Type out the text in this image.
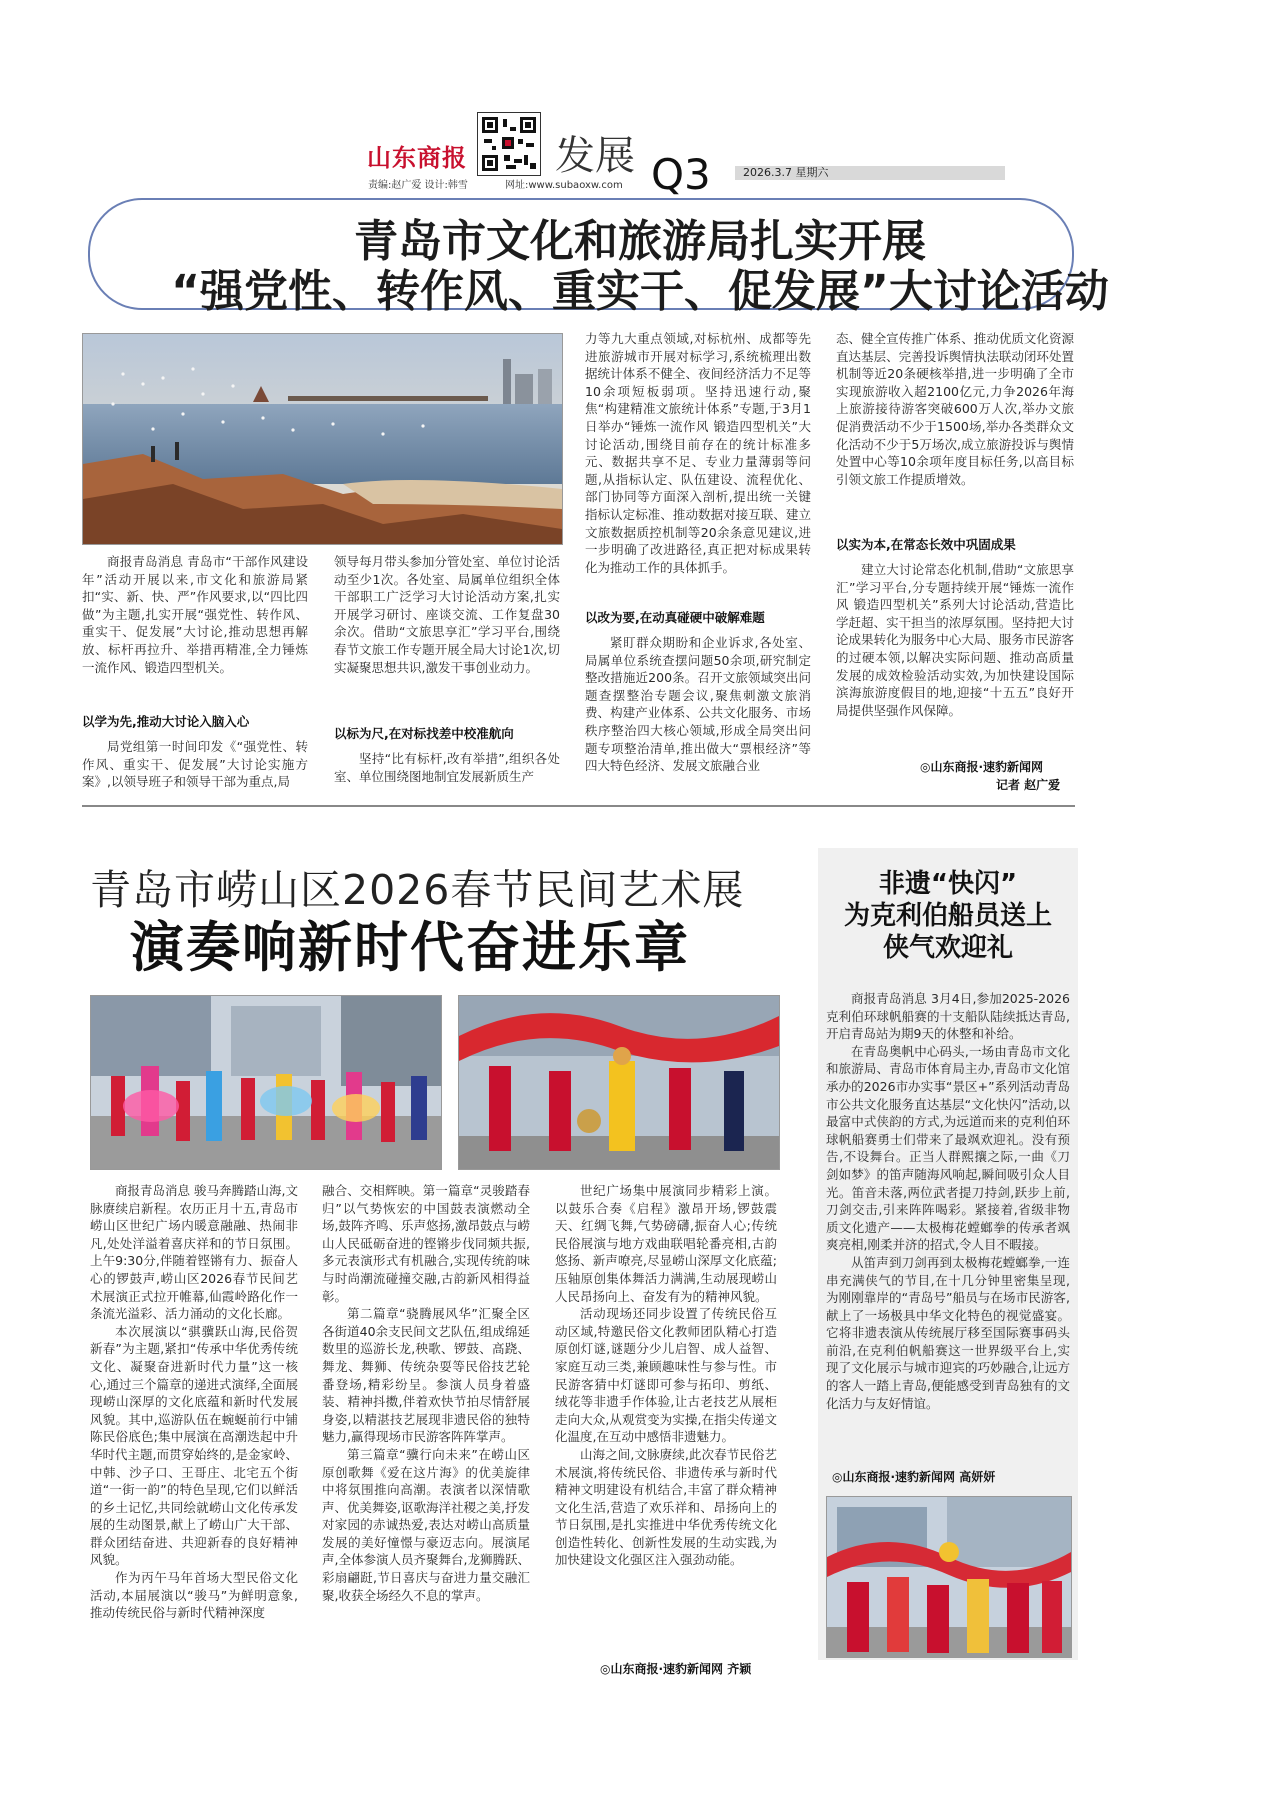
山东商报 发展 Q3	2026.3.7 星期六
责编:赵广爱 设计:韩雪	网址:www.subaoxw.com
青岛市文化和旅游局扎实开展
“强党性、转作风、重实干、促发展”大讨论活动

商报青岛消息 青岛市“干部作风建设年”活动开展以来,市文化和旅游局紧扣“实、新、快、严”作风要求,以“四比四做”为主题,扎实开展“强党性、转作风、重实干、促发展”大讨论,推动思想再解放、标杆再拉升、举措再精准,全力锤炼一流作风、锻造四型机关。

以学为先,推动大讨论入脑入心

局党组第一时间印发《“强党性、转作风、重实干、促发展”大讨论实施方案》,以领导班子和领导干部为重点,局

领导每月带头参加分管处室、单位讨论活动至少1次。各处室、局属单位组织全体干部职工广泛学习大讨论活动方案,扎实开展学习研讨、座谈交流、工作复盘30余次。借助“文旅思享汇”学习平台,围绕春节文旅工作专题开展全局大讨论1次,切实凝聚思想共识,激发干事创业动力。

以标为尺,在对标找差中校准航向

坚持“比有标杆,改有举措”,组织各处室、单位围绕图地制宜发展新质生产

力等九大重点领域,对标杭州、成都等先进旅游城市开展对标学习,系统梳理出数据统计体系不健全、夜间经济活力不足等10余项短板弱项。坚持迅速行动,聚焦“构建精准文旅统计体系”专题,于3月1日举办“锤炼一流作风 锻造四型机关”大讨论活动,围绕目前存在的统计标准多元、数据共享不足、专业力量薄弱等问题,从指标认定、队伍建设、流程优化、部门协同等方面深入剖析,提出统一关键指标认定标准、推动数据对接互联、建立文旅数据质控机制等20余条意见建议,进一步明确了改进路径,真正把对标成果转化为推动工作的具体抓手。

以改为要,在动真碰硬中破解难题

紧盯群众期盼和企业诉求,各处室、局属单位系统查摆问题50余项,研究制定整改措施近200条。召开文旅领域突出问题查摆整治专题会议,聚焦刺激文旅消费、构建产业体系、公共文化服务、市场秩序整治四大核心领域,形成全局突出问题专项整治清单,推出做大“票根经济”等四大特色经济、发展文旅融合业

态、健全宣传推广体系、推动优质文化资源直达基层、完善投诉舆情执法联动闭环处置机制等近20条硬核举措,进一步明确了全市实现旅游收入超2100亿元,力争2026年海上旅游接待游客突破600万人次,举办文旅促消费活动不少于1500场,举办各类群众文化活动不少于5万场次,成立旅游投诉与舆情处置中心等10余项年度目标任务,以高目标引领文旅工作提质增效。

以实为本,在常态长效中巩固成果

建立大讨论常态化机制,借助“文旅思享汇”学习平台,分专题持续开展“锤炼一流作风 锻造四型机关”系列大讨论活动,营造比学赶超、实干担当的浓厚氛围。坚持把大讨论成果转化为服务中心大局、服务市民游客的过硬本领,以解决实际问题、推动高质量发展的成效检验活动实效,为加快建设国际滨海旅游度假目的地,迎接“十五五”良好开局提供坚强作风保障。

◎山东商报·速豹新闻网
记者 赵广爱
青岛市崂山区2026春节民间艺术展
演奏响新时代奋进乐章

商报青岛消息 骏马奔腾踏山海,文脉赓续启新程。农历正月十五,青岛市崂山区世纪广场内暖意融融、热闹非凡,处处洋溢着喜庆祥和的节日氛围。上午9:30分,伴随着铿锵有力、振奋人心的锣鼓声,崂山区2026春节民间艺术展演正式拉开帷幕,仙霞岭路化作一条流光溢彩、活力涌动的文化长廊。

本次展演以“骐骥跃山海,民俗贺新春”为主题,紧扣“传承中华优秀传统文化、凝聚奋进新时代力量”这一核心,通过三个篇章的递进式演绎,全面展现崂山深厚的文化底蕴和新时代发展风貌。其中,巡游队伍在蜿蜒前行中铺陈民俗底色;集中展演在高潮迭起中升华时代主题,而贯穿始终的,是金家岭、中韩、沙子口、王哥庄、北宅五个街道“一街一韵”的特色呈现,它们以鲜活的乡土记忆,共同绘就崂山文化传承发展的生动图景,献上了崂山广大干部、群众团结奋进、共迎新春的良好精神风貌。

作为丙午马年首场大型民俗文化活动,本届展演以“骏马”为鲜明意象,推动传统民俗与新时代精神深度

融合、交相辉映。第一篇章“灵骏踏春归”以气势恢宏的中国鼓表演燃动全场,鼓阵齐鸣、乐声悠扬,激昂鼓点与崂山人民砥砺奋进的铿锵步伐同频共振,多元表演形式有机融合,实现传统韵味与时尚潮流碰撞交融,古韵新风相得益彰。

第二篇章“骁腾展风华”汇聚全区各街道40余支民间文艺队伍,组成绵延数里的巡游长龙,秧歌、锣鼓、高跷、舞龙、舞狮、传统杂耍等民俗技艺轮番登场,精彩纷呈。参演人员身着盛装、精神抖擞,伴着欢快节拍尽情舒展身姿,以精湛技艺展现非遗民俗的独特魅力,赢得现场市民游客阵阵掌声。

第三篇章“骥行向未来”在崂山区原创歌舞《爱在这片海》的优美旋律中将氛围推向高潮。表演者以深情歌声、优美舞姿,讴歌海洋社稷之美,抒发对家园的赤诚热爱,表达对崂山高质量发展的美好憧憬与豪迈志向。展演尾声,全体参演人员齐聚舞台,龙狮腾跃、彩扇翩跹,节日喜庆与奋进力量交融汇聚,收获全场经久不息的掌声。

世纪广场集中展演同步精彩上演。以鼓乐合奏《启程》激昂开场,锣鼓震天、红绸飞舞,气势磅礴,振奋人心;传统民俗展演与地方戏曲联唱轮番亮相,古韵悠扬、新声嘹亮,尽显崂山深厚文化底蕴;压轴原创集体舞活力满满,生动展现崂山人民昂扬向上、奋发有为的精神风貌。

活动现场还同步设置了传统民俗互动区域,特邀民俗文化教师团队精心打造原创灯谜,谜题分少儿启智、成人益智、家庭互动三类,兼顾趣味性与参与性。市民游客猜中灯谜即可参与拓印、剪纸、绒花等非遗手作体验,让古老技艺从展柜走向大众,从观赏变为实操,在指尖传递文化温度,在互动中感悟非遗魅力。

山海之间,文脉赓续,此次春节民俗艺术展演,将传统民俗、非遗传承与新时代精神文明建设有机结合,丰富了群众精神文化生活,营造了欢乐祥和、昂扬向上的节日氛围,是扎实推进中华优秀传统文化创造性转化、创新性发展的生动实践,为加快建设文化强区注入强劲动能。

◎山东商报·速豹新闻网 齐颖
非遗“快闪”
为克利伯船员送上
侠气欢迎礼

商报青岛消息 3月4日,参加2025-2026克利伯环球帆船赛的十支船队陆续抵达青岛,开启青岛站为期9天的休整和补给。

在青岛奥帆中心码头,一场由青岛市文化和旅游局、青岛市体育局主办,青岛市文化馆承办的2026市办实事“景区+”系列活动青岛市公共文化服务直达基层“文化快闪”活动,以最富中式侠韵的方式,为远道而来的克利伯环球帆船赛勇士们带来了最飒欢迎礼。没有预告,不设舞台。正当人群熙攘之际,一曲《刀剑如梦》的笛声随海风响起,瞬间吸引众人目光。笛音未落,两位武者提刀持剑,跃步上前,刀剑交击,引来阵阵喝彩。紧接着,省级非物质文化遗产——太极梅花螳螂拳的传承者飒爽亮相,刚柔并济的招式,令人目不暇接。

从笛声到刀剑再到太极梅花螳螂拳,一连串充满侠气的节目,在十几分钟里密集呈现,为刚刚靠岸的“青岛号”船员与在场市民游客,献上了一场极具中华文化特色的视觉盛宴。它将非遗表演从传统展厅移至国际赛事码头前沿,在克利伯帆船赛这一世界级平台上,实现了文化展示与城市迎宾的巧妙融合,让远方的客人一踏上青岛,便能感受到青岛独有的文化活力与友好情谊。

◎山东商报·速豹新闻网 高妍妍
